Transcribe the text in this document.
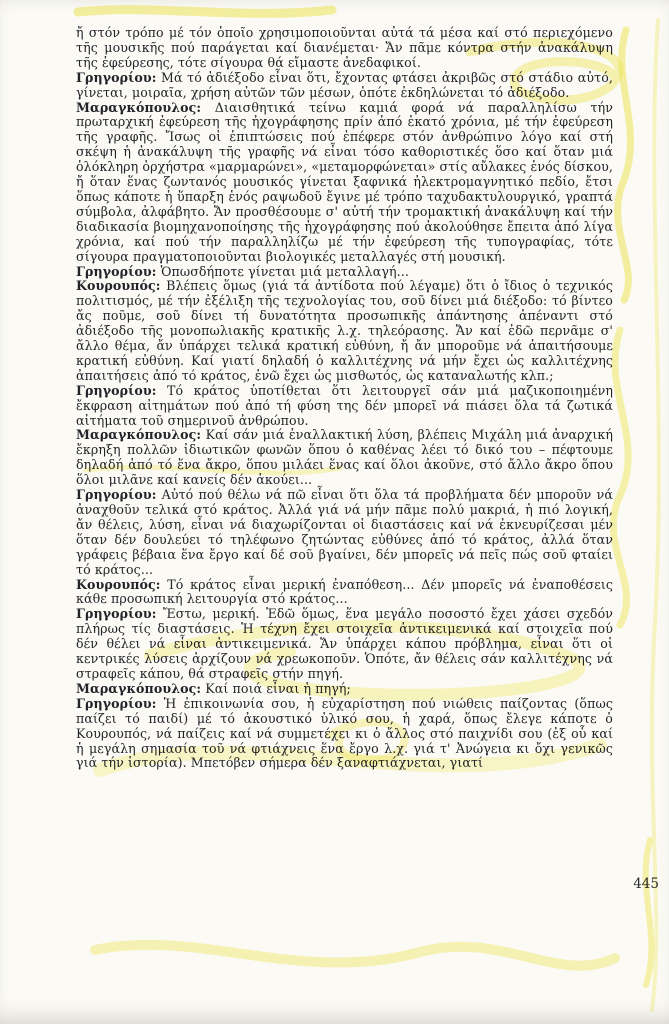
ἤ στόν τρόπο μέ τόν ὁποῖο χρησιμοποιοῦνται αὐτά τά μέσα καί στό περιεχόμενο τῆς μουσικῆς πού παράγεται καί διανέμεται· Ἄν πᾶμε κόντρα στήν ἀνακάλυψη τῆς ἐφεύρεσης, τότε σίγουρα θά εἴμαστε ἀνεδαφικοί.

Γρηγορίου: Μά τό ἀδιέξοδο εἶναι ὅτι, ἔχοντας φτάσει ἀκριβῶς στό στάδιο αὐτό, γίνεται, μοιραῖα, χρήση αὐτῶν τῶν μέσων, ὁπότε ἐκδηλώνεται τό ἀδιέξοδο.

Μαραγκόπουλος: Διαισθητικά τείνω καμιά φορά νά παραλληλίσω τήν πρωταρχική ἐφεύρεση τῆς ἠχογράφησης πρίν ἀπό ἑκατό χρόνια, μέ τήν ἐφεύρεση τῆς γραφῆς. Ἴσως οἱ ἐπιπτώσεις πού ἐπέφερε στόν ἀνθρώπινο λόγο καί στή σκέψη ἡ ἀνακάλυψη τῆς γραφῆς νά εἶναι τόσο καθοριστικές ὅσο καί ὅταν μιά ὁλόκληρη ὀρχήστρα «μαρμαρώνει», «μεταμορφώνεται» στίς αὔλακες ἑνός δίσκου, ἤ ὅταν ἕνας ζωντανός μουσικός γίνεται ξαφνικά ἠλεκτρομαγνητικό πεδίο, ἔτσι ὅπως κάποτε ἡ ὕπαρξη ἑνός ραψωδοῦ ἔγινε μέ τρόπο ταχυδακτυλουργικό, γραπτά σύμβολα, ἀλφάβητο. Ἄν προσθέσουμε σ' αὐτή τήν τρομακτική ἀνακάλυψη καί τήν διαδικασία βιομηχανοποίησης τῆς ἠχογράφησης πού ἀκολούθησε ἔπειτα ἀπό λίγα χρόνια, καί πού τήν παραλληλίζω μέ τήν ἐφεύρεση τῆς τυπογραφίας, τότε σίγουρα πραγματοποιοῦνται βιολογικές μεταλλαγές στή μουσική.

Γρηγορίου: Ὁπωσδήποτε γίνεται μιά μεταλλαγή...

Κουρουπός: Βλέπεις ὅμως (γιά τά ἀντίδοτα πού λέγαμε) ὅτι ὁ ἴδιος ὁ τεχνικός πολιτισμός, μέ τήν ἐξέλιξη τῆς τεχνολογίας του, σοῦ δίνει μιά διέξοδο: τό βίντεο ἄς ποῦμε, σοῦ δίνει τή δυνατότητα προσωπικῆς ἀπάντησης ἀπέναντι στό ἀδιέξοδο τῆς μονοπωλιακῆς κρατικῆς λ.χ. τηλεόρασης. Ἄν καί ἐδῶ περνᾶμε σ' ἄλλο θέμα, ἄν ὑπάρχει τελικά κρατική εὐθύνη, ἤ ἄν μποροῦμε νά ἀπαιτήσουμε κρατική εὐθύνη. Καί γιατί δηλαδή ὁ καλλιτέχνης νά μήν ἔχει ὡς καλλιτέχνης ἀπαιτήσεις ἀπό τό κράτος, ἐνῶ ἔχει ὡς μισθωτός, ὡς καταναλωτής κλπ.;

Γρηγορίου: Τό κράτος ὑποτίθεται ὅτι λειτουργεῖ σάν μιά μαζικοποιημένη ἔκφραση αἰτημάτων πού ἀπό τή φύση της δέν μπορεῖ νά πιάσει ὅλα τά ζωτικά αἰτήματα τοῦ σημερινοῦ ἀνθρώπου.

Μαραγκόπουλος: Καί σάν μιά ἐναλλακτική λύση, βλέπεις Μιχάλη μιά ἀναρχική ἔκρηξη πολλῶν ἰδιωτικῶν φωνῶν ὅπου ὁ καθένας λέει τό δικό του – πέφτουμε δηλαδή ἀπό τό ἕνα ἄκρο, ὅπου μιλάει ἕνας καί ὅλοι ἀκοῦνε, στό ἄλλο ἄκρο ὅπου ὅλοι μιλᾶνε καί κανείς δέν ἀκούει...

Γρηγορίου: Αὐτό πού θέλω νά πῶ εἶναι ὅτι ὅλα τά προβλήματα δέν μποροῦν νά ἀναχθοῦν τελικά στό κράτος. Ἀλλά γιά νά μήν πᾶμε πολύ μακριά, ἡ πιό λογική, ἄν θέλεις, λύση, εἶναι νά διαχωρίζονται οἱ διαστάσεις καί νά ἐκνευρίζεσαι μέν ὅταν δέν δουλεύει τό τηλέφωνο ζητώντας εὐθύνες ἀπό τό κράτος, ἀλλά ὅταν γράφεις βέβαια ἕνα ἔργο καί δέ σοῦ βγαίνει, δέν μπορεῖς νά πεῖς πώς σοῦ φταίει τό κράτος...

Κουρουπός: Τό κράτος εἶναι μερική ἐναπόθεση... Δέν μπορεῖς νά ἐναποθέσεις κάθε προσωπική λειτουργία στό κράτος...

Γρηγορίου: Ἔστω, μερική. Ἐδῶ ὅμως, ἕνα μεγάλο ποσοστό ἔχει χάσει σχεδόν πλήρως τίς διαστάσεις. Ἡ τέχνη ἔχει στοιχεῖα ἀντικειμενικά καί στοιχεῖα πού δέν θέλει νά εἶναι ἀντικειμενικά. Ἄν ὑπάρχει κάπου πρόβλημα, εἶναι ὅτι οἱ κεντρικές λύσεις ἀρχίζουν νά χρεωκοποῦν. Ὁπότε, ἄν θέλεις σάν καλλιτέχνης νά στραφεῖς κάπου, θά στραφεῖς στήν πηγή.

Μαραγκόπουλος: Καί ποιά εἶναι ἡ πηγή;

Γρηγορίου: Ἡ ἐπικοινωνία σου, ἡ εὐχαρίστηση πού νιώθεις παίζοντας (ὅπως παίζει τό παιδί) μέ τό ἀκουστικό ὑλικό σου, ἡ χαρά, ὅπως ἔλεγε κάποτε ὁ Κουρουπός, νά παίζεις καί νά συμμετέχει κι ὁ ἄλλος στό παιχνίδι σου (ἐξ οὗ καί ἡ μεγάλη σημασία τοῦ νά φτιάχνεις ἕνα ἔργο λ.χ. γιά τ' Ἀνώγεια κι ὄχι γενικῶς γιά τήν ἱστορία). Μπετόβεν σήμερα δέν ξαναφτιάχνεται, γιατί

445
